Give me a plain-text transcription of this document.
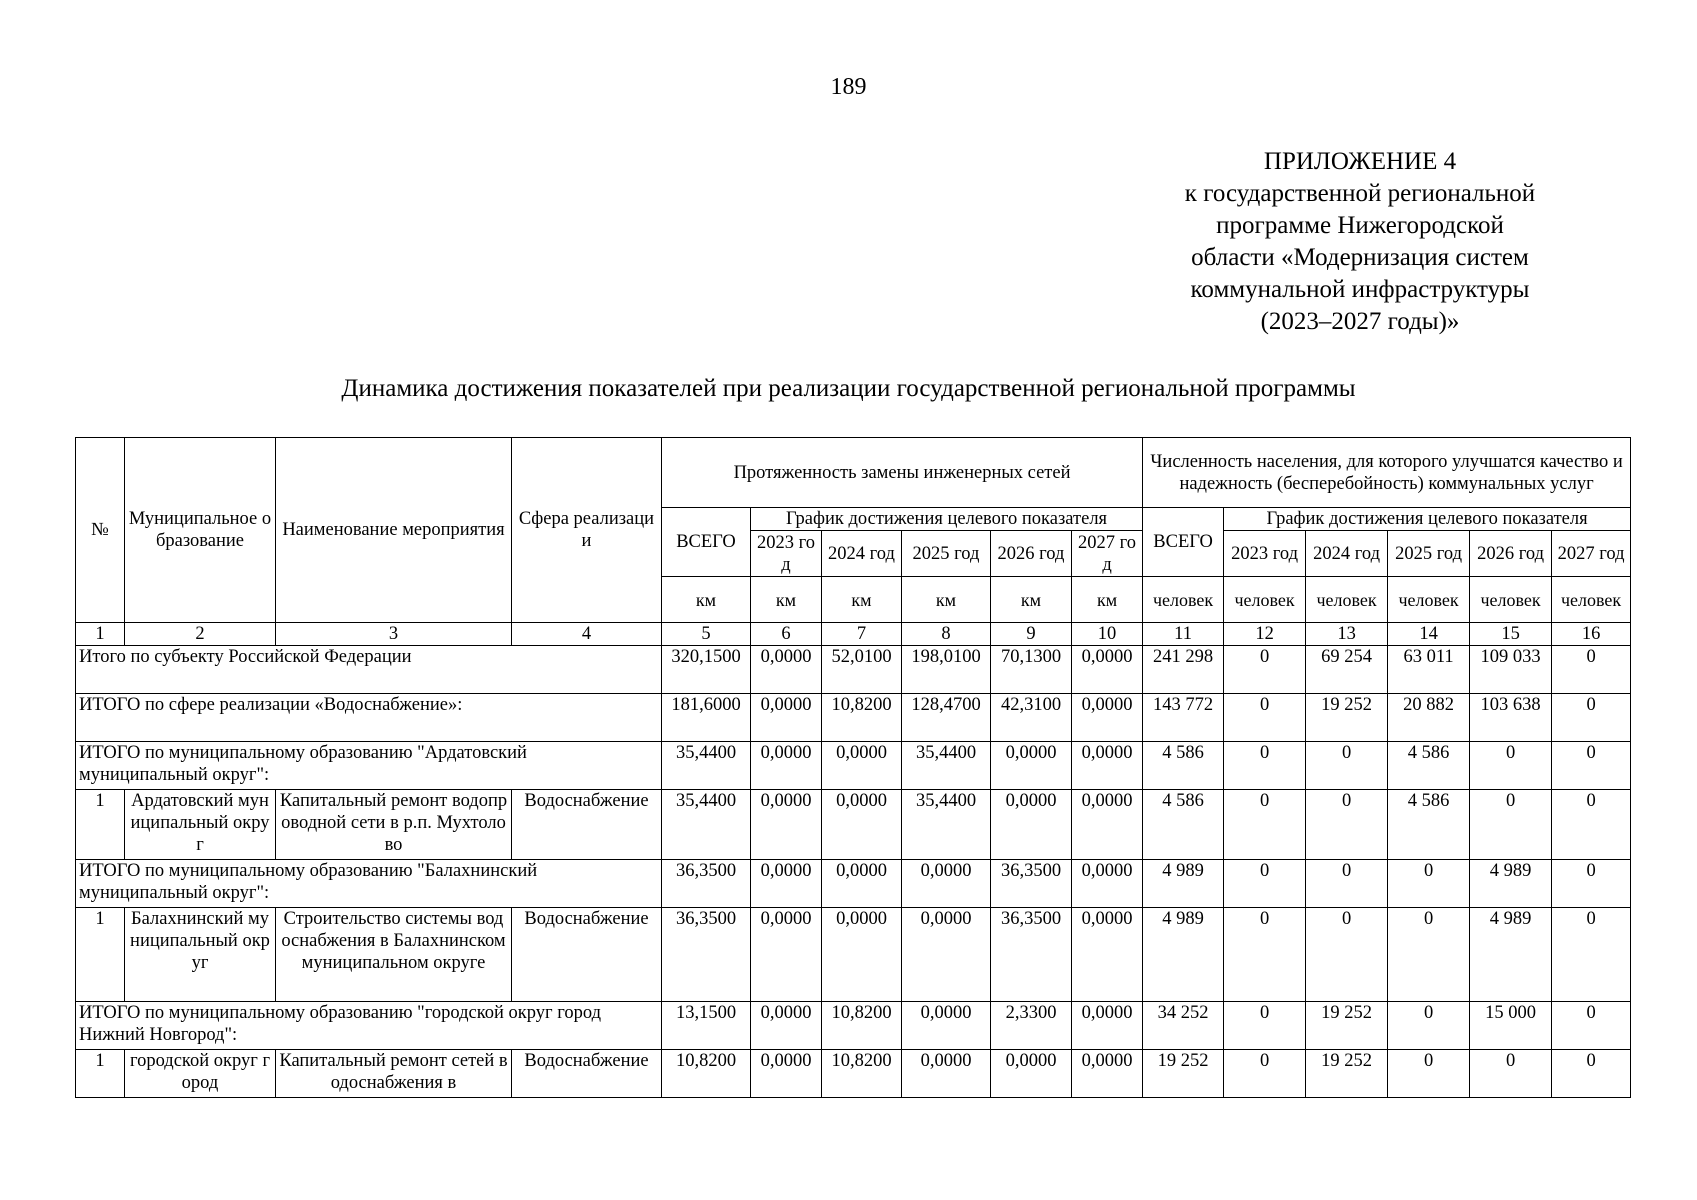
189
ПРИЛОЖЕНИЕ 4
к государственной региональной
программе Нижегородской
области «Модернизация систем
коммунальной инфраструктуры
(2023–2027 годы)»
Динамика достижения показателей при реализации государственной региональной программы
№	Муниципальное образование	Наименование мероприятия	Сфера реализации	Протяженность замены инженерных сетей						Численность населения, для которого улучшатся качество и надежность (бесперебойность) коммунальных услуг					
				ВСЕГО	График достижения целевого показателя					ВСЕГО	График достижения целевого показателя				
					2023 год	2024 год	2025 год	2026 год	2027 год		2023 год	2024 год	2025 год	2026 год	2027 год
				км	км	км	км	км	км	человек	человек	человек	человек	человек	человек
1	2	3	4	5	6	7	8	9	10	11	12	13	14	15	16
Итого по субъекту Российской Федерации				320,1500	0,0000	52,0100	198,0100	70,1300	0,0000	241 298	0	69 254	63 011	109 033	0
ИТОГО по сфере реализации «Водоснабжение»:				181,6000	0,0000	10,8200	128,4700	42,3100	0,0000	143 772	0	19 252	20 882	103 638	0
ИТОГО по муниципальному образованию "Ардатовский муниципальный округ":				35,4400	0,0000	0,0000	35,4400	0,0000	0,0000	4 586	0	0	4 586	0	0
1	Ардатовский муниципальный округ	Капитальный ремонт водопроводной сети в р.п. Мухтолово	Водоснабжение	35,4400	0,0000	0,0000	35,4400	0,0000	0,0000	4 586	0	0	4 586	0	0
ИТОГО по муниципальному образованию "Балахнинский муниципальный округ":				36,3500	0,0000	0,0000	0,0000	36,3500	0,0000	4 989	0	0	0	4 989	0
1	Балахнинский муниципальный округ	Строительство системы водоснабжения в Балахнинском муниципальном округе	Водоснабжение	36,3500	0,0000	0,0000	0,0000	36,3500	0,0000	4 989	0	0	0	4 989	0
ИТОГО по муниципальному образованию "городской округ город Нижний Новгород":				13,1500	0,0000	10,8200	0,0000	2,3300	0,0000	34 252	0	19 252	0	15 000	0
1	городской округ город	Капитальный ремонт сетей водоснабжения в	Водоснабжение	10,8200	0,0000	10,8200	0,0000	0,0000	0,0000	19 252	0	19 252	0	0	0
